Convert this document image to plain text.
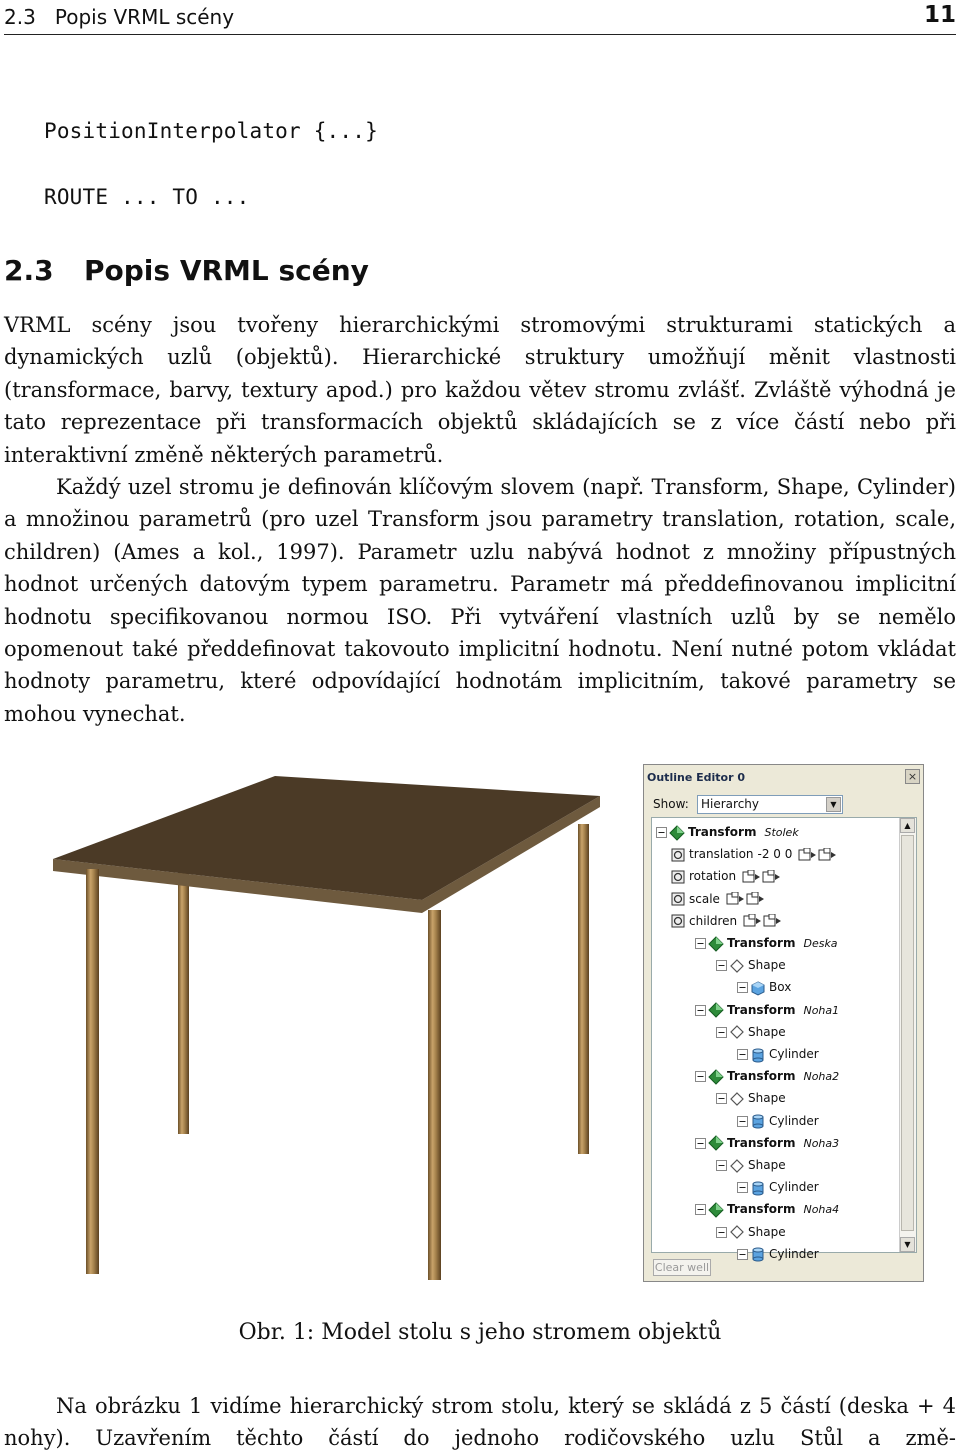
2.3   Popis VRML scény	11
PositionInterpolator {...}
ROUTE ... TO ...
2.3 Popis VRML scény

VRML scény jsou tvořeny hierarchickými stromovými strukturami statických a dynamických uzlů (objektů). Hierarchické struktury umožňují měnit vlastnosti (transformace, barvy, textury apod.) pro každou větev stromu zvlášť. Zvláště výhodná je tato reprezentace při transformacích objektů skládajících se z více částí nebo při interaktivní změně některých parametrů.

Každý uzel stromu je definován klíčovým slovem (např. Transform, Shape, Cylinder) a množinou parametrů (pro uzel Transform jsou parametry translation, rotation, scale, children) (Ames a kol., 1997). Parametr uzlu nabývá hodnot z množiny přípustných hodnot určených datovým typem parametru. Parametr má předdefinovanou implicitní hodnotu specifikovanou normou ISO. Při vytváření vlastních uzlů by se nemělo opomenout také předdefinovat takovouto implicitní hodnotu. Není nutné potom vkládat hodnoty parametru, které odpovídající hodnotám implicitním, takové parametry se mohou vynechat.

Outline Editor 0	×
Show:	Hierarchy	▼
Transform Stolek
translation -2 0 0
rotation
scale
children
Transform Deska
Shape
Box
Transform Noha1
Shape
Cylinder
Transform Noha2
Shape
Cylinder
Transform Noha3
Shape
Cylinder
Transform Noha4
Shape
Cylinder
▲
▼
Clear well
Obr. 1: Model stolu s jeho stromem objektů

Na obrázku 1 vidíme hierarchický strom stolu, který se skládá z 5 částí (deska + 4 nohy). Uzavřením těchto částí do jednoho rodičovského uzlu Stůl a změ-
